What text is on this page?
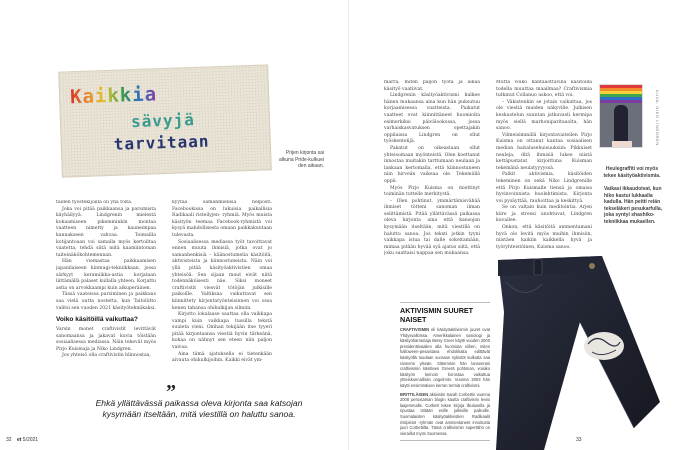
Kaikkia
sävyjä
tarvitaan	Prijen kirjonta sai alkuna Pride-kulkuei den aikaan.

taiden työstekijöillä oli yhä töitä.

Joka voi pitää paikkaansa ja parsimista käyhäilyyä. Lindgrenin mielestä kokaamiseen pikemminkin montaa vaatteen nimetty ja kauneimpaa kannakseen vahvaa. Toimailla kotijantoaan voi samalla myös kertoiltaa vaatetta, tehdä siitä mitä kaamiintoman taiteinäkökohtemennan.

Hän viemastaa paikkaamisen japanilaiseen kinmugi-tekniikkaan, jossa särkyyt keramiikka-astia korjataan liittämällä palaset kullalla yhteen. Korjattu astia on arvokkaampi kuin alkuperäinen.

Tässä vaateissa parsiminen ja paikkaus saa vielä uutta nostetta, kun Taitoliitto valitsi sen vuoden 2021 käsityötekniikaksi.

Voiko käsitöillä vaikuttaa?

Varsin monet craftivistit levittävät sanomaansa ja jakavat kuvia töistään sosiaalisessa mediassa. Näin tekevät myös Pirjo Kuismaja ja Niko Lindgren.

Jos yhteisö olla craftivistin blinnostaa,

kyytää samanmielisiä helposti. Facebookissa on lukuisia paikallisia Radikaali risteilyjen- ryhmiä. Myös muista käsityön teemaa Facebook-ryhmistä voi kysyä mahdollisesta omaan paikkakuntaan tulevasta.

Sosiaalisessa mediassa työt tavoittavat ennen muuta ihmisiä, jotka ovat jo samanhenkisiä – käänostumelia käsitöitä, aktivisteista ja kiinnostuneista. Näin voi yllä pitää käsityöaktivistien omaa yhteisöä. Sen sijaan muut eivät niitä todennäköisesti näe. Siksi moneet craftivistit viesvät tötöjän julkisille paikoille. Valtiksaa vaikuttavat sen kiinnittety kirjontaryönteisinnen voi ossa kenen tahansa ohikulkijan silmiin.

Kirjotto lokalaase saattaa olla vaikkapa vampi kuin vaikkapa tussilla tekstä suuleta vieni. Omhan tekijään itse tyyeri pitää kirjontaansa viestiä hyvin tärkeänä, kokaa on nähnyt sen eteen niin paljon vaivaa.

Aina tämä ajatuksella ei tietenkään aivauta ohikulkijoihin. Kaikki eivät ym-

”
Ehkä yllättävässä paikassa oleva kirjonta saa katsojan kysymään itseltään, mitä viestillä on haluttu sanoa.
32 et 5/2021

märrä, miten paljon työtä ja aikaa käsityö vaatiivat.

Lindgrenin käsityöaktivismi kulkee hänen mukaansa aina kun hän puksutuu korjaamisessa vaatteista. Paikatut vaatteet ovat kiinnittäneet huomioita esimerkiksi päivälookossa, jossa varhaiskasvatuksen opettajakin oppilaissa Lindgren on ollut työskentelijä.

Pakatut on oikeastaan ollut yhteisomaan myönteistä. Olen koettanut innostaa muitakin tarttumaan neulaan ja lankaan kertomalla, että kiinnostuneen niin hirveän vaikeaa ole. Tekemällä oppii.

Myös Pirjo Kuisma on miettinyt toiminän tuttelle merkitystä.

– Olen pohtinut, ymmärtämisvähää ihmiset tötteni sanoman ilman selittämistä. Pitää yllättävässä paikassa oleva kirjonta aina että kansojan kysymään itseltään, mitä viestillä on haluttu sanoa. Jos teksti jotkin tyyni vaikkapa istua tai dalle sokeitamään, mimaa pitään hyvää syä ajatus siitä, että joku saattaisi nappaa sen mukaansa.

Mutta voiko kantaaottavilla käsitöillä todella muuttaa maailmaa? Craftivismia tutkinut Collanuo uskoo, että voi.

– Väkistenkin se jotain vaikuttaa, jos ole viestiä muiden näkyville. Julkisen keskustelun suuntan jatkuvasti kermipa myös siellä marhoniparitaaolta, hän sanoo.

Vilmeisimmillä kirjontavaiteilen Pirjo Kuisma on ottanut kantaa sosiaalisen median haitalusehuisuuksiin: Pikkuiset neuleja, ditä ihmisiä lukee niistä kettäpustatat kirjoittuna Kuisman tekemänä neulatyyyyssä.

Palkit aktivismia, käsitöiden tekeminen on sekä Niko Lindgrenille että Pirjo Kuismalle tiensä ja omaisa hyvinvoinnista huolehtimista. Kirjonta voi pysäyttää, rauhoittaa ja keskittyä.

Se on valtain kuin meditointia. Arjen kiire ja stressi unohtuvat, Lindgren kuvailee.

Onkon, että käsitöitä ammentamani hyvä olo levitä myös muihin ihmisiin, niistäen kaikiin kaikkella hyvä ja työryhteistöinen, Kuisma sanoo.

KUVA: NIKO LINDGREN
Heulegraffiti voi myös tekee käsityöaktivismia.
Vaikasi ikkaudoivat, kun hiko kastui lukkaalla kadulla. Hän peitti reiän tekseläkeri pesukarfulla, joka syntyi shashiko-tekniikkaa mukaellen.
AKTIVISMIN SUURET NAISET

CRAFTIVISMIN eli käsityöaktivismin juuret ovat Yhdysvalloissa. Amerikkalainen sosiologi ja käsityöharrastaja Betsy Greer käytti vuoden 2000 presidenttivaalien alla huomiota siihen, miten halloween-pesaistava ehdokkaita edittävät käsityöllä tuodaan suoraan nykistöt kulkutta saa rannerin ylseän. Sittemmin hän lanseerasi craftivismin käsitteen Greerä pohtiman, voisiko käsityön keinoin korostaa vaikuttua yhteiskunnallisiin ongelmiin. Vuonna 2003 hän käytti ensimmäisen kerran termiä craftivismi.

BRITTILÄISEN aktivistin Sarah Corbettin vuonna 2008 perustaman blogin kautta craftivismi levisi laajemmalle. Corbett tekee kirjoja ilkulusella ja ripustaa töitään esille julkisille paikoille. Suomalaisten käsityöaktivistien Radikaalit ristipistot -ryhmän ovat ammentaneet innoitusta juuri Corbettilta. Tämä craftivismin supertähti on vieraillut myös Suomessa.

33
